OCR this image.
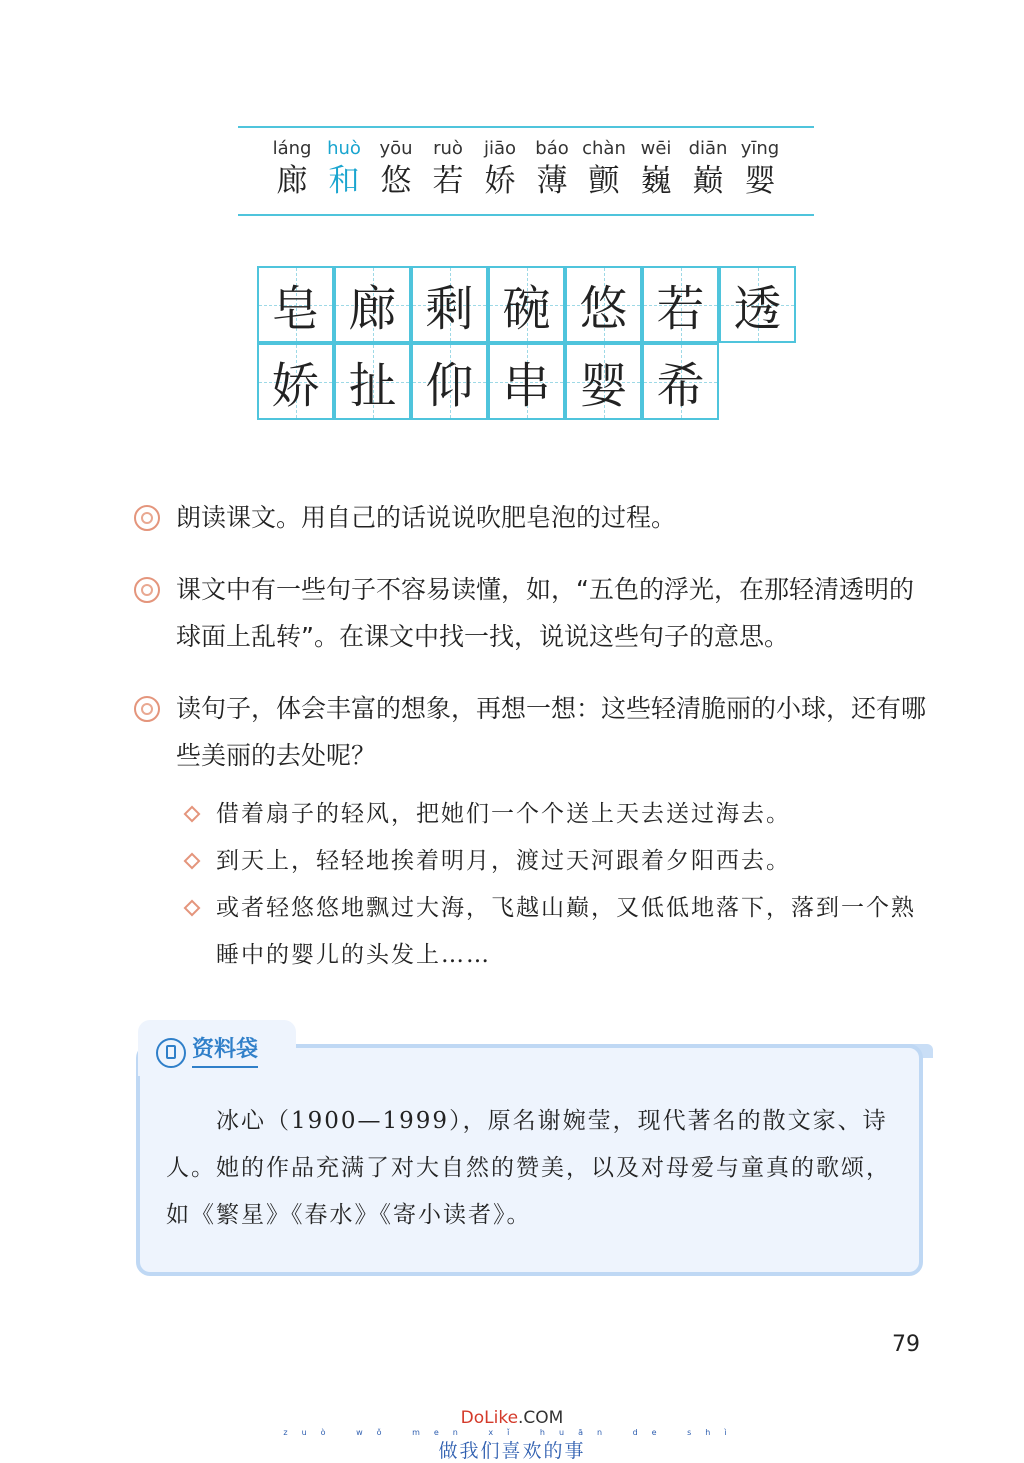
láng
廊
huò
和
yōu
悠
ruò
若
jiāo
娇
báo
薄
chàn
颤
wēi
巍
diān
巅
yīng
婴
皂 廊 剩 碗 悠 若 透
娇 扯 仰 串 婴 希
朗读课文。用自己的话说说吹肥皂泡的过程。
课文中有一些句子不容易读懂，如，“五色的浮光，在那轻清透明的球面上乱转”。在课文中找一找，说说这些句子的意思。
读句子，体会丰富的想象，再想一想：这些轻清脆丽的小球，还有哪些美丽的去处呢？
借着扇子的轻风，把她们一个个送上天去送过海去。
到天上，轻轻地挨着明月，渡过天河跟着夕阳西去。
或者轻悠悠地飘过大海，飞越山巅，又低低地落下，落到一个熟睡中的婴儿的头发上……
资料袋
冰心（1900—1999），原名谢婉莹，现代著名的散文家、诗人。她的作品充满了对大自然的赞美，以及对母爱与童真的歌颂，如《繁星》《春水》《寄小读者》。
79
DoLike.COM
zuò wǒ men xǐ huān de shì
做我们喜欢的事
